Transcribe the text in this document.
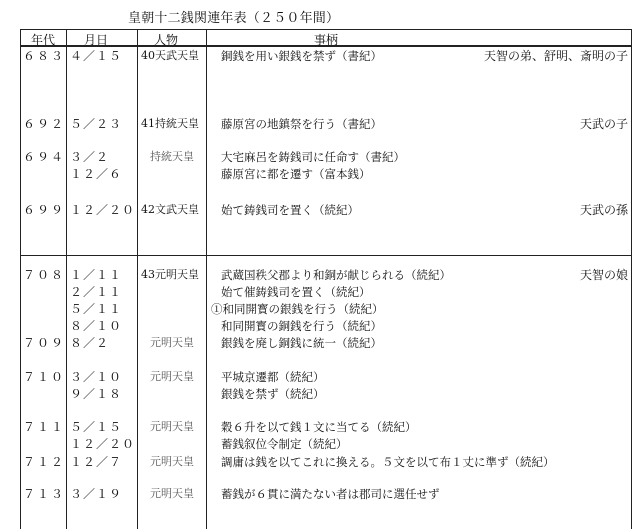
皇朝十二銭関連年表（２５０年間）
年代 月日	人物	事柄
６８３ ４／１５ 40天武天皇 銅銭を用い銀銭を禁ず（書紀）	天智の弟、舒明、斎明の子
６９２ ５／２３ 41持統天皇 藤原宮の地鎮祭を行う（書紀）	天武の子
６９４ ３／２	持統天皇 大宅麻呂を鋳銭司に任命す（書紀）
１２／６	藤原宮に都を遷す（富本銭）
６９９ １２／２０ 42文武天皇 始て鋳銭司を置く（続紀）	天武の孫
７０８ １／１１ 43元明天皇 武蔵国秩父郡より和銅が献じられる（続紀）	天智の娘
２／１１	始て催鋳銭司を置く（続紀）
５／１１	①和同開寳の銀銭を行う（続紀）
８／１０	和同開寳の銅銭を行う（続紀）
７０９ ８／２	元明天皇 銀銭を廃し銅銭に統一（続紀）
７１０ ３／１０	元明天皇 平城京遷都（続紀）
９／１８	銀銭を禁ず（続紀）
７１１ ５／１５	元明天皇 穀６升を以て銭１文に当てる（続紀）
１２／２０	蓄銭叙位令制定（続紀）
７１２ １２／７	元明天皇 調庸は銭を以てこれに換える。５文を以て布１丈に準ず（続紀）
７１３ ３／１９	元明天皇 蓄銭が６貫に満たない者は郡司に選任せず
